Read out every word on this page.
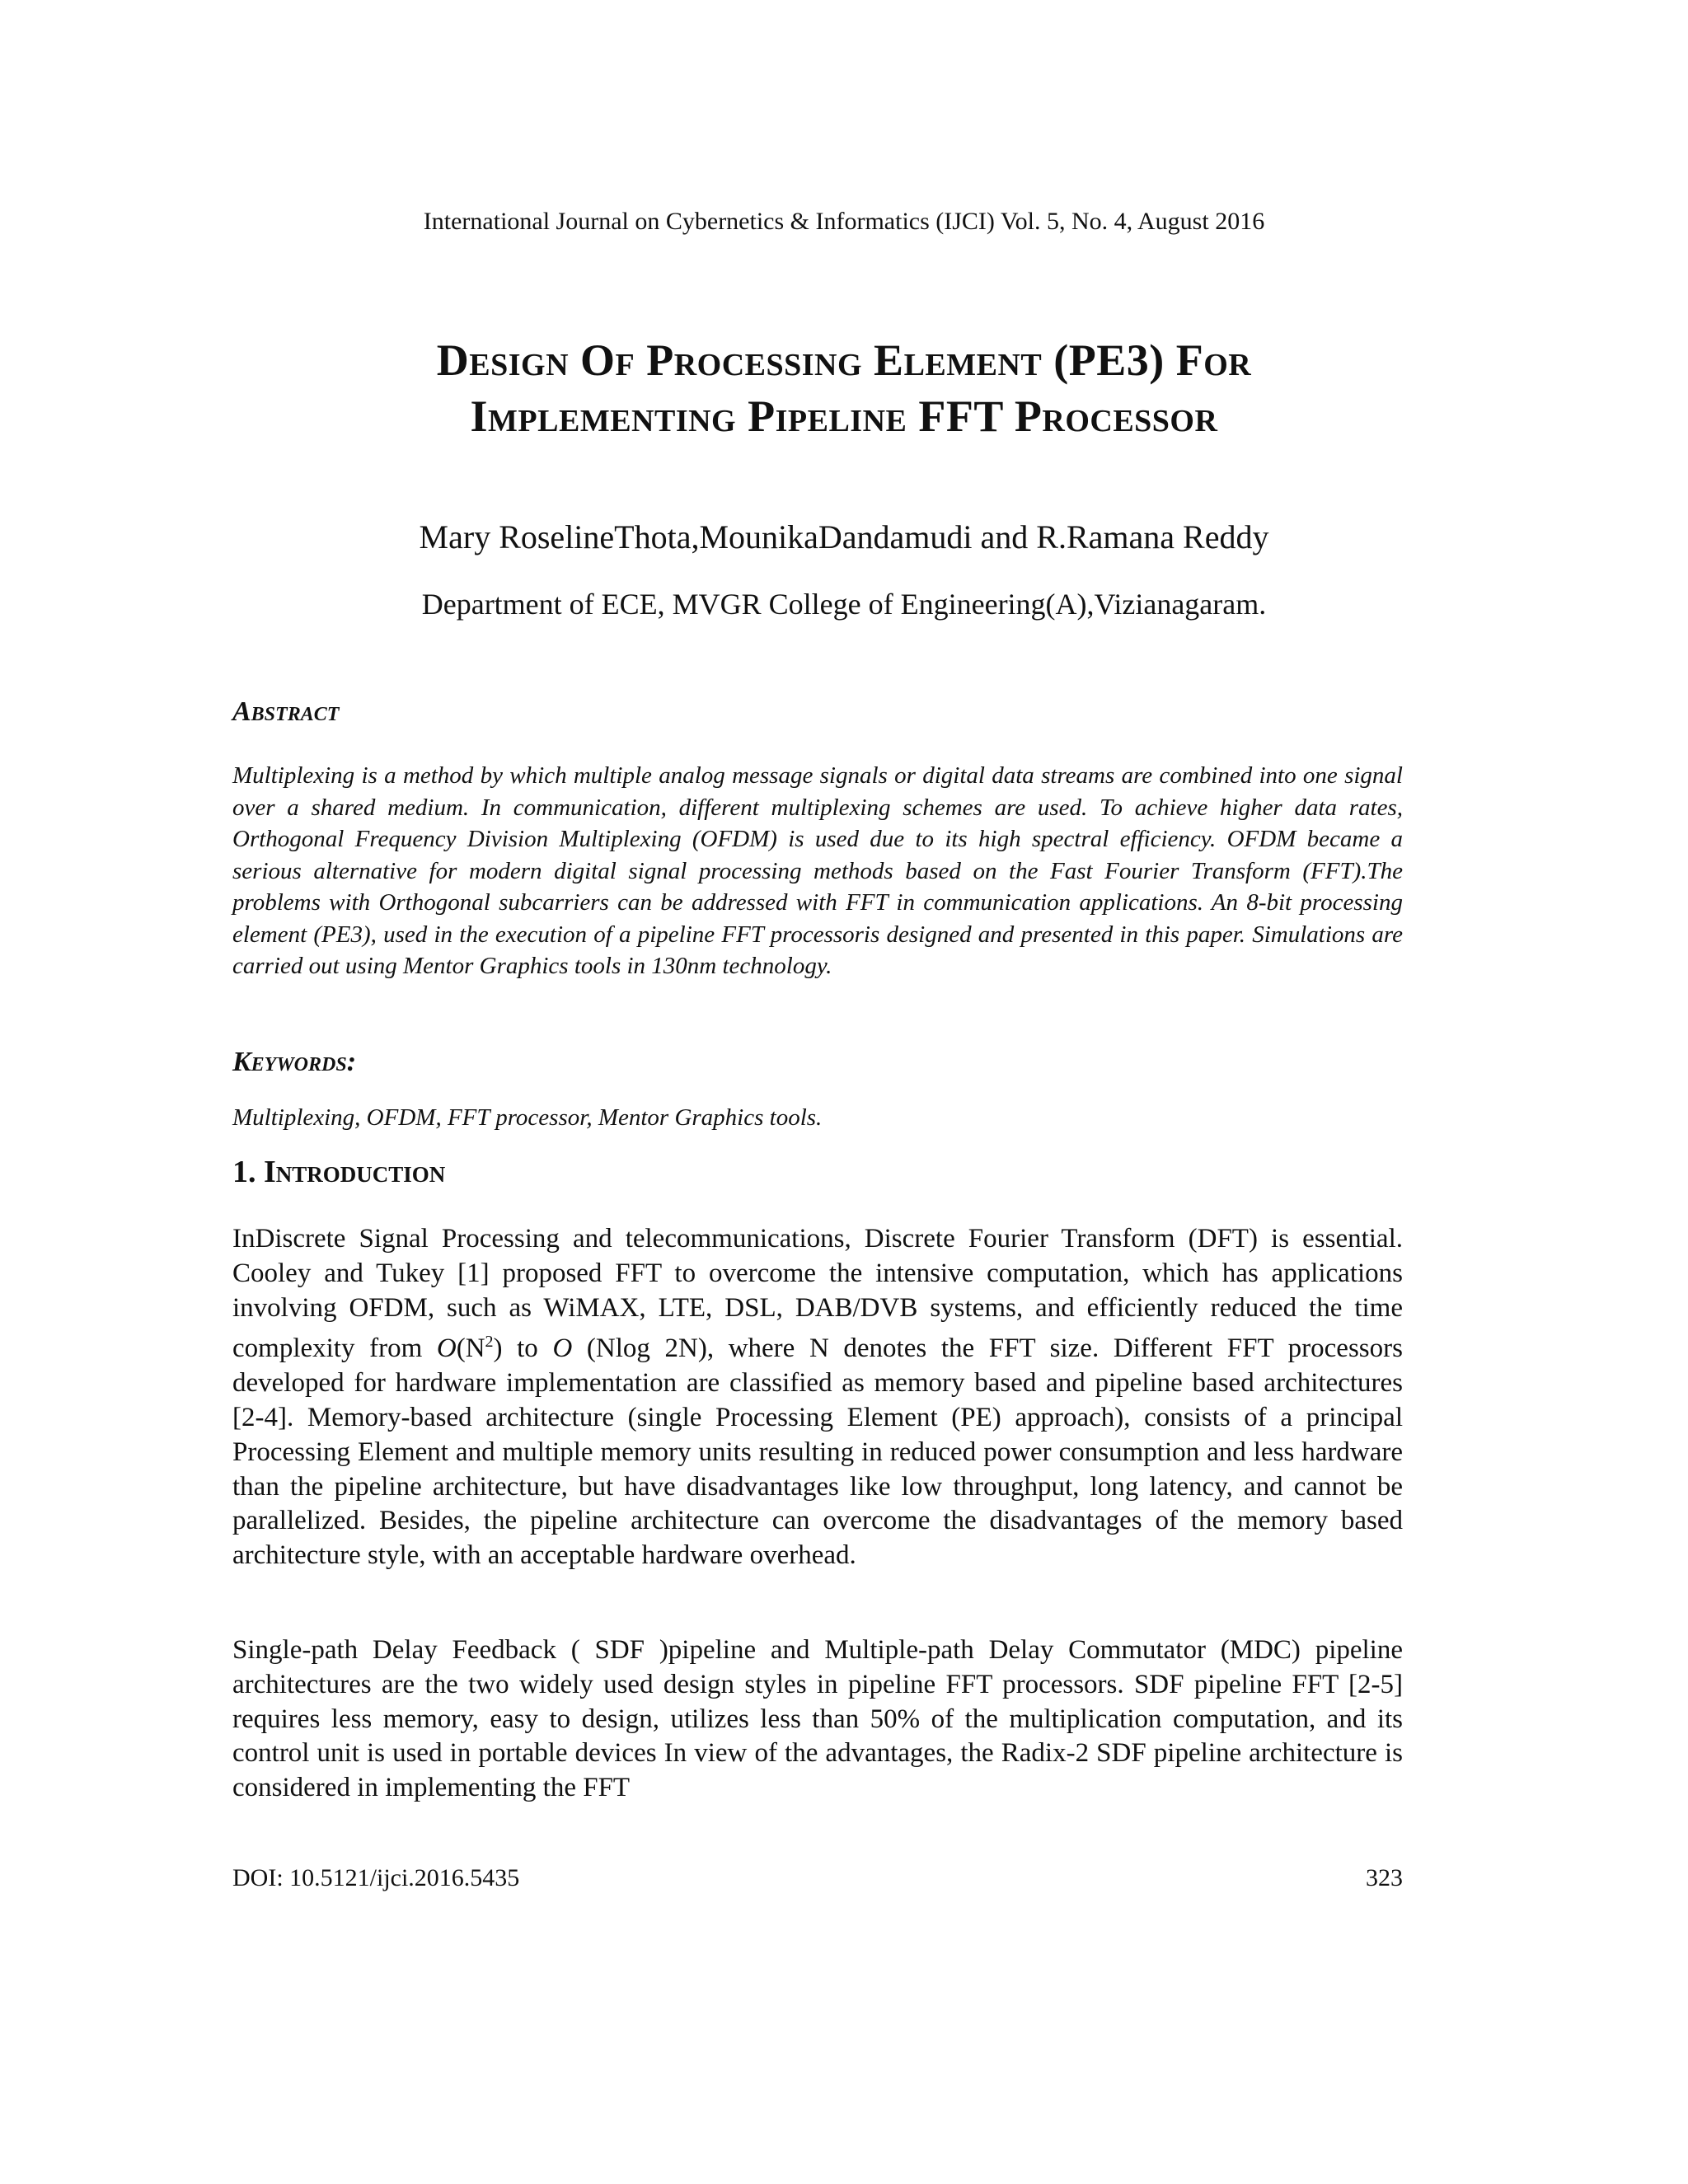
International Journal on Cybernetics & Informatics (IJCI) Vol. 5, No. 4, August 2016
Design Of Processing Element (PE3) For
Implementing Pipeline FFT Processor
Mary RoselineThota,MounikaDandamudi and R.Ramana Reddy
Department of ECE, MVGR College of Engineering(A),Vizianagaram.
Abstract
Multiplexing is a method by which multiple analog message signals or digital data streams are combined into one signal over a shared medium. In communication, different multiplexing schemes are used. To achieve higher data rates, Orthogonal Frequency Division Multiplexing (OFDM) is used due to its high spectral efficiency. OFDM became a serious alternative for modern digital signal processing methods based on the Fast Fourier Transform (FFT).The problems with Orthogonal subcarriers can be addressed with FFT in communication applications. An 8-bit processing element (PE3), used in the execution of a pipeline FFT processoris designed and presented in this paper. Simulations are carried out using Mentor Graphics tools in 130nm technology.
Keywords:
Multiplexing, OFDM, FFT processor, Mentor Graphics tools.
1. Introduction
InDiscrete Signal Processing and telecommunications, Discrete Fourier Transform (DFT) is essential. Cooley and Tukey [1] proposed FFT to overcome the intensive computation, which has applications involving OFDM, such as WiMAX, LTE, DSL, DAB/DVB systems, and efficiently reduced the time complexity from $O(N^2)$ to O (Nlog 2N), where N denotes the FFT size. Different FFT processors developed for hardware implementation are classified as memory based and pipeline based architectures [2-4]. Memory-based architecture (single Processing Element (PE) approach), consists of a principal Processing Element and multiple memory units resulting in reduced power consumption and less hardware than the pipeline architecture, but have disadvantages like low throughput, long latency, and cannot be parallelized. Besides, the pipeline architecture can overcome the disadvantages of the memory based architecture style, with an acceptable hardware overhead.
Single-path Delay Feedback ( SDF )pipeline and Multiple-path Delay Commutator (MDC) pipeline architectures are the two widely used design styles in pipeline FFT processors. SDF pipeline FFT [2-5] requires less memory, easy to design, utilizes less than 50% of the multiplication computation, and its control unit is used in portable devices In view of the advantages, the Radix-2 SDF pipeline architecture is considered in implementing the FFT
DOI: 10.5121/ijci.2016.5435	323
